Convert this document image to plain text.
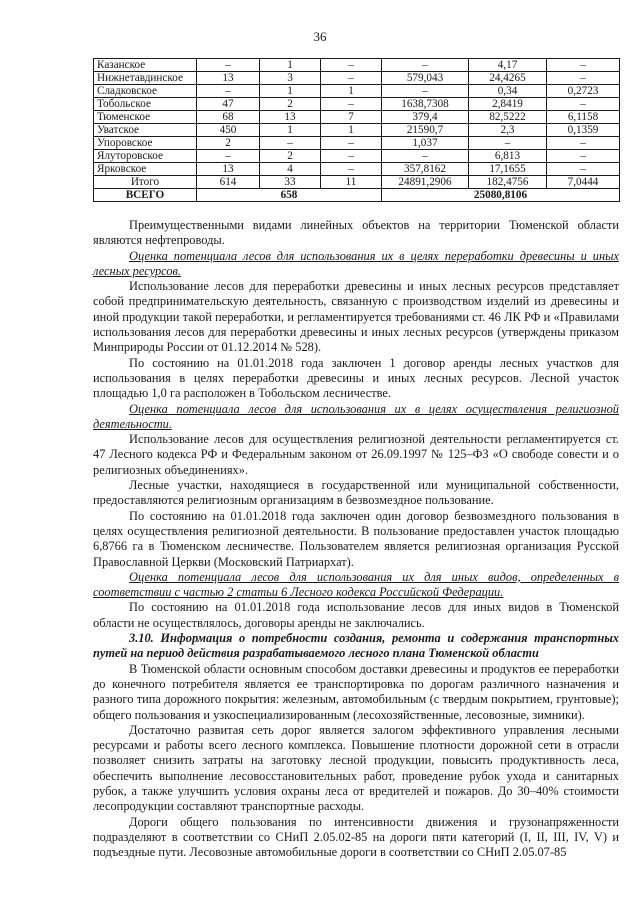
36
Казанское	–	1	–	–	4,17	–
Нижнетавдинское	13	3	–	579,043	24,4265	–
Сладковское	–	1	1	–	0,34	0,2723
Тобольское	47	2	–	1638,7308	2,8419	–
Тюменское	68	13	7	379,4	82,5222	6,1158
Уватское	450	1	1	21590,7	2,3	0,1359
Упоровское	2	–	–	1,037	–	–
Ялуторовское	–	2	–	–	6,813	–
Ярковское	13	4	–	357,8162	17,1655	–
Итого	614	33	11	24891,2906	182,4756	7,0444
ВСЕГО	658			25080,8106		

Преимущественными видами линейных объектов на территории Тюменской области являются нефтепроводы.

Оценка потенциала лесов для использования их в целях переработки древесины и иных лесных ресурсов.

Использование лесов для переработки древесины и иных лесных ресурсов представляет собой предпринимательскую деятельность, связанную с производством изделий из древесины и иной продукции такой переработки, и регламентируется требованиями ст. 46 ЛК РФ и «Правилами использования лесов для переработки древесины и иных лесных ресурсов (утверждены приказом Минприроды России от 01.12.2014 № 528).

По состоянию на 01.01.2018 года заключен 1 договор аренды лесных участков для использования в целях переработки древесины и иных лесных ресурсов. Лесной участок площадью 1,0 га расположен в Тобольском лесничестве.

Оценка потенциала лесов для использования их в целях осуществления религиозной деятельности.

Использование лесов для осуществления религиозной деятельности регламентируется ст. 47 Лесного кодекса РФ и Федеральным законом от 26.09.1997 № 125–ФЗ «О свободе совести и о религиозных объединениях».

Лесные участки, находящиеся в государственной или муниципальной собственности, предоставляются религиозным организациям в безвозмездное пользование.

По состоянию на 01.01.2018 года заключен один договор безвозмездного пользования в целях осуществления религиозной деятельности. В пользование предоставлен участок площадью 6,8766 га в Тюменском лесничестве. Пользователем является религиозная организация Русской Православной Церкви (Московский Патриархат).

Оценка потенциала лесов для использования их для иных видов, определенных в соответствии с частью 2 статьи 6 Лесного кодекса Российской Федерации.

По состоянию на 01.01.2018 года использование лесов для иных видов в Тюменской области не осуществлялось, договоры аренды не заключались.

3.10. Информация о потребности создания, ремонта и содержания транспортных путей на период действия разрабатываемого лесного плана Тюменской области

В Тюменской области основным способом доставки древесины и продуктов ее переработки до конечного потребителя является ее транспортировка по дорогам различного назначения и разного типа дорожного покрытия: железным, автомобильным (с твердым покрытием, грунтовые); общего пользования и узкоспециализированным (лесохозяйственные, лесовозные, зимники).

Достаточно развитая сеть дорог является залогом эффективного управления лесными ресурсами и работы всего лесного комплекса. Повышение плотности дорожной сети в отрасли позволяет снизить затраты на заготовку лесной продукции, повысить продуктивность леса, обеспечить выполнение лесовосстановительных работ, проведение рубок ухода и санитарных рубок, а также улучшить условия охраны леса от вредителей и пожаров. До 30–40% стоимости лесопродукции составляют транспортные расходы.

Дороги общего пользования по интенсивности движения и грузонапряженности подразделяют в соответствии со СНиП 2.05.02-85 на дороги пяти категорий (I, II, III, IV, V) и подъездные пути. Лесовозные автомобильные дороги в соответствии со СНиП 2.05.07-85
